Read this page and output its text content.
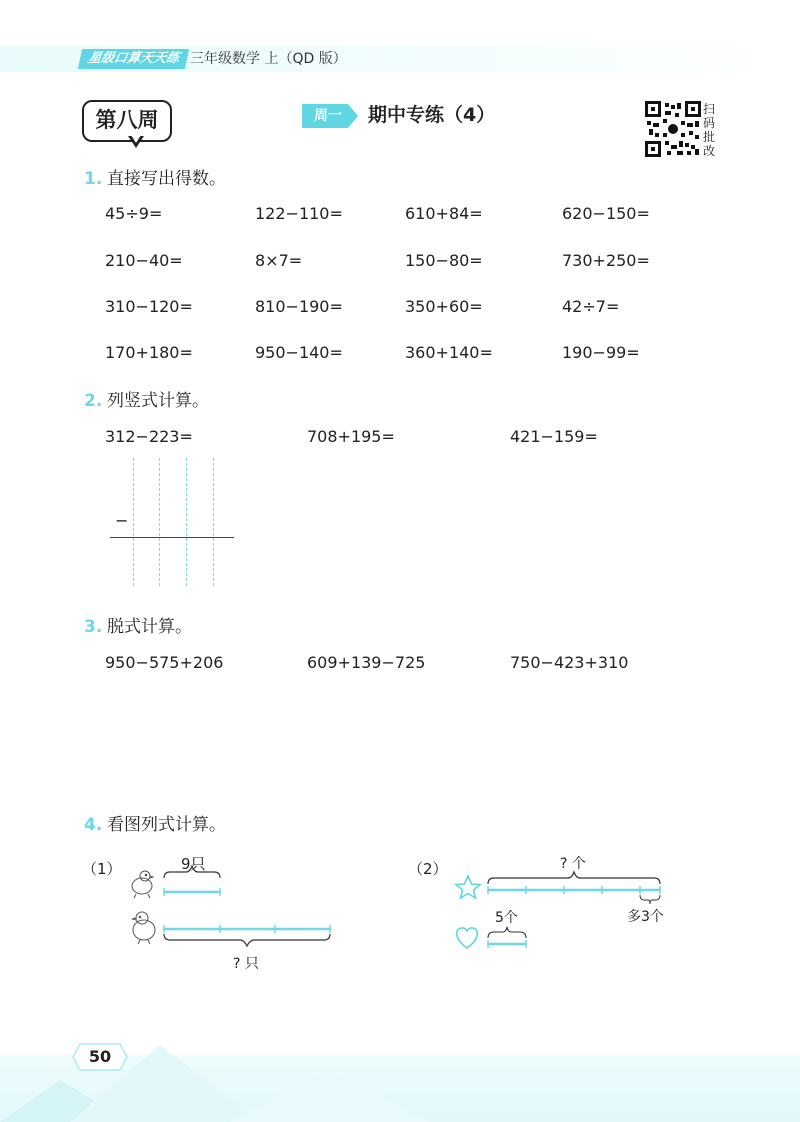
星级口算天天练 三年级数学 上（QD 版）
第八周	周一	期中专练（4）	扫
码
批
改
1. 直接写出得数。
45÷9=	122−110=	610+84=	620−150=
210−40=	8×7=	150−80=	730+250=
310−120=	810−190=	350+60=	42÷7=
170+180=	950−140=	360+140=	190−99=
2. 列竖式计算。
312−223=	708+195=	421−159=
−
3. 脱式计算。
950−575+206	609+139−725	750−423+310
4. 看图列式计算。
（1）	9只
? 只
（2）	? 个
多3个
5个
50
